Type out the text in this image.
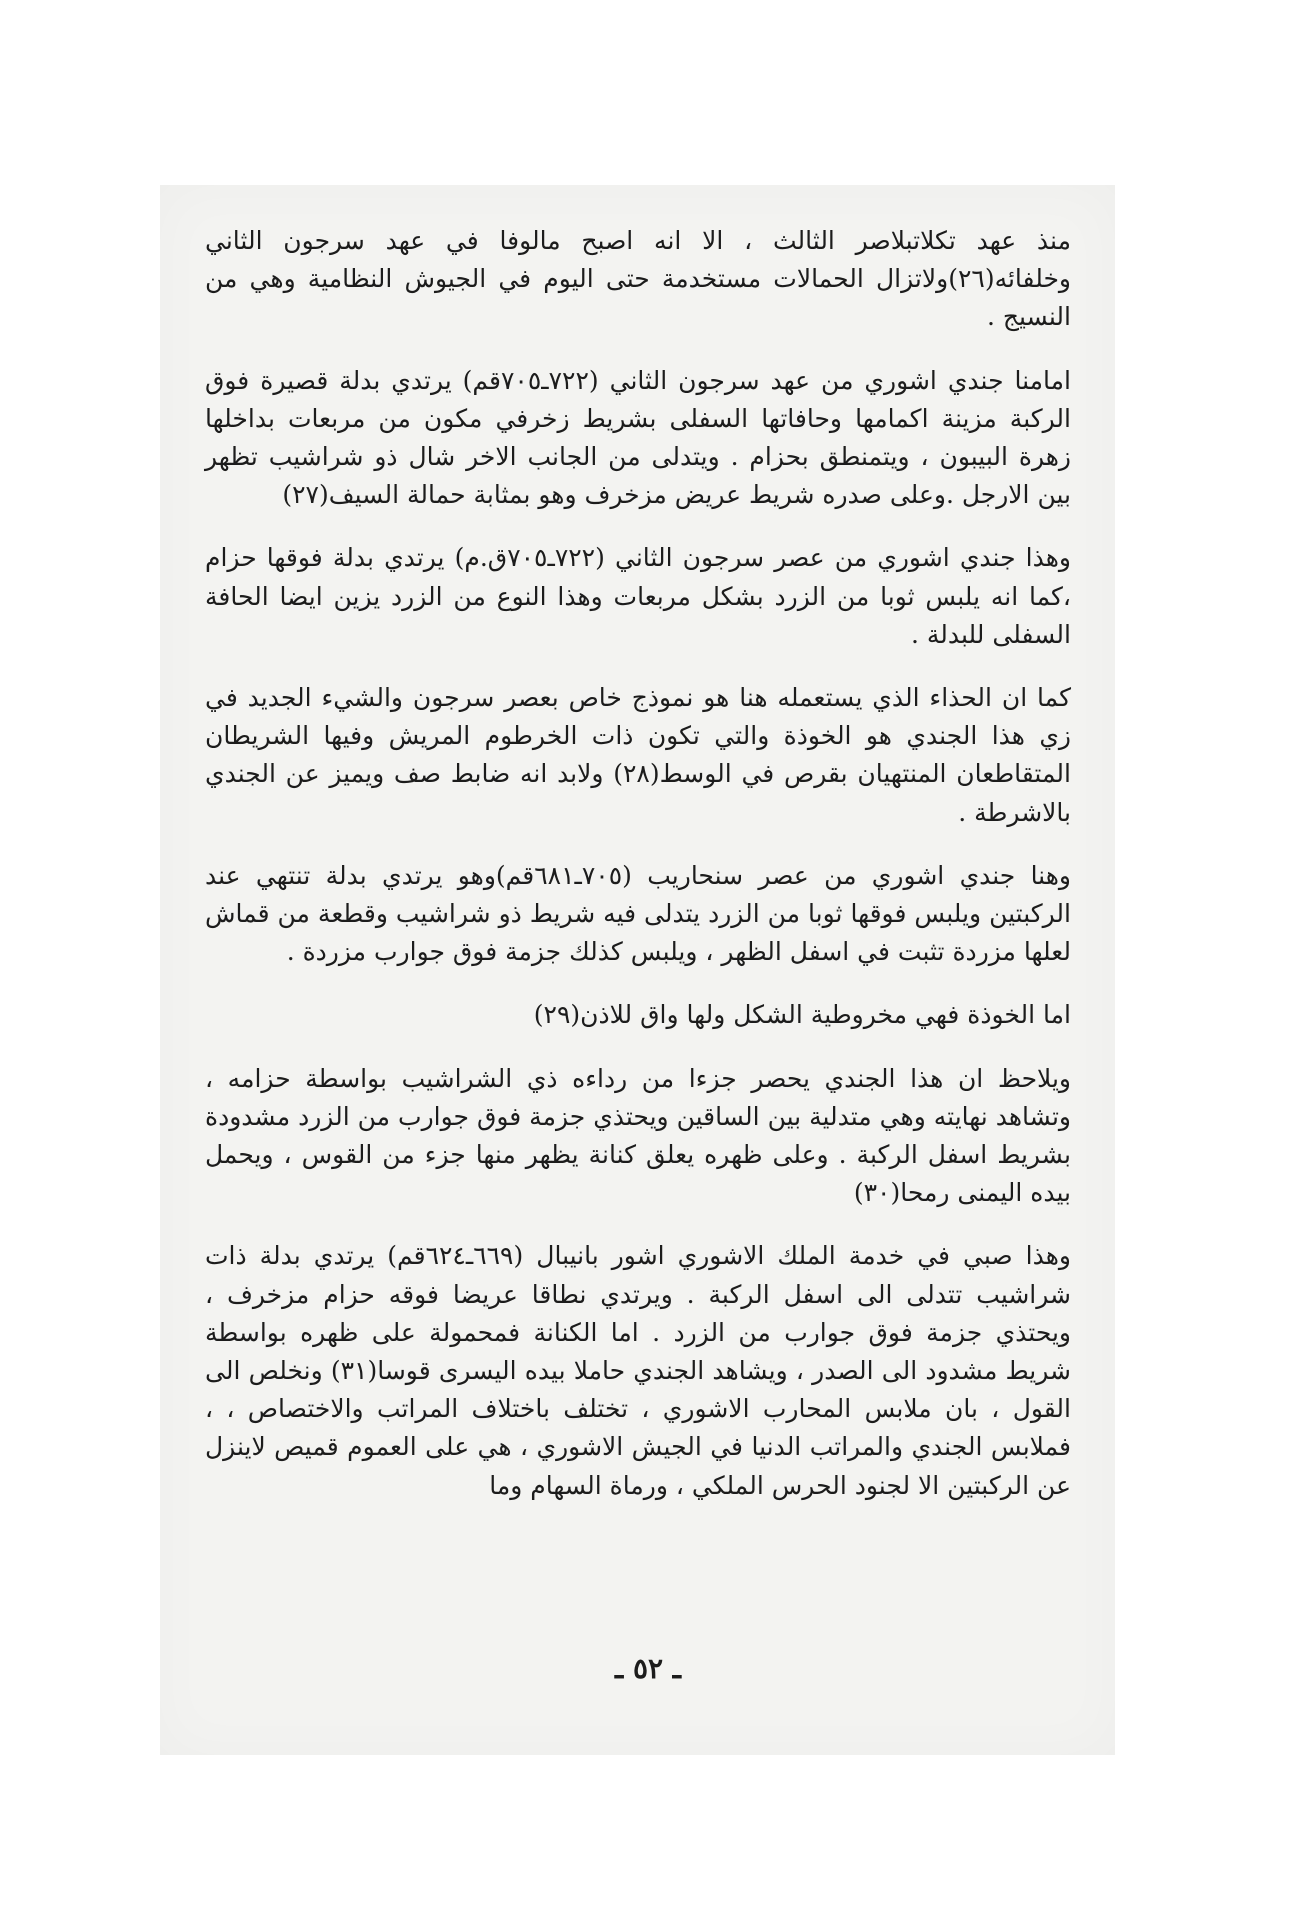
منذ عهد تكلاتبلاصر الثالث ، الا انه اصبح مالوفا في عهد سرجون الثاني وخلفائه(٢٦)ولاتزال الحمالات مستخدمة حتى اليوم في الجيوش النظامية وهي من النسيج .

امامنا جندي اشوري من عهد سرجون الثاني (٧٢٢ـ٧٠٥قم) يرتدي بدلة قصيرة فوق الركبة مزينة اكمامها وحافاتها السفلى بشريط زخرفي مكون من مربعات بداخلها زهرة البيبون ، ويتمنطق بحزام . ويتدلى من الجانب الاخر شال ذو شراشيب تظهر بين الارجل .وعلى صدره شريط عريض مزخرف وهو بمثابة حمالة السيف(٢٧)

وهذا جندي اشوري من عصر سرجون الثاني (٧٢٢ـ٧٠٥ق.م) يرتدي بدلة فوقها حزام ،كما انه يلبس ثوبا من الزرد بشكل مربعات وهذا النوع من الزرد يزين ايضا الحافة السفلى للبدلة .

كما ان الحذاء الذي يستعمله هنا هو نموذج خاص بعصر سرجون والشيء الجديد في زي هذا الجندي هو الخوذة والتي تكون ذات الخرطوم المريش وفيها الشريطان المتقاطعان المنتهيان بقرص في الوسط(٢٨) ولابد انه ضابط صف ويميز عن الجندي بالاشرطة .

وهنا جندي اشوري من عصر سنحاريب (٧٠٥ـ٦٨١قم)وهو يرتدي بدلة تنتهي عند الركبتين ويلبس فوقها ثوبا من الزرد يتدلى فيه شريط ذو شراشيب وقطعة من قماش لعلها مزردة تثبت في اسفل الظهر ، ويلبس كذلك جزمة فوق جوارب مزردة .

اما الخوذة فهي مخروطية الشكل ولها واق للاذن(٢٩)

ويلاحظ ان هذا الجندي يحصر جزءا من رداءه ذي الشراشيب بواسطة حزامه ، وتشاهد نهايته وهي متدلية بين الساقين ويحتذي جزمة فوق جوارب من الزرد مشدودة بشريط اسفل الركبة . وعلى ظهره يعلق كنانة يظهر منها جزء من القوس ، ويحمل بيده اليمنى رمحا(٣٠)

وهذا صبي في خدمة الملك الاشوري اشور بانيبال (٦٦٩ـ٦٢٤قم) يرتدي بدلة ذات شراشيب تتدلى الى اسفل الركبة . ويرتدي نطاقا عريضا فوقه حزام مزخرف ، ويحتذي جزمة فوق جوارب من الزرد . اما الكنانة فمحمولة على ظهره بواسطة شريط مشدود الى الصدر ، ويشاهد الجندي حاملا بيده اليسرى قوسا(٣١) ونخلص الى القول ، بان ملابس المحارب الاشوري ، تختلف باختلاف المراتب والاختصاص ، ، فملابس الجندي والمراتب الدنيا في الجيش الاشوري ، هي على العموم قميص لاينزل عن الركبتين الا لجنود الحرس الملكي ، ورماة السهام وما

ـ ٥٢ ـ
